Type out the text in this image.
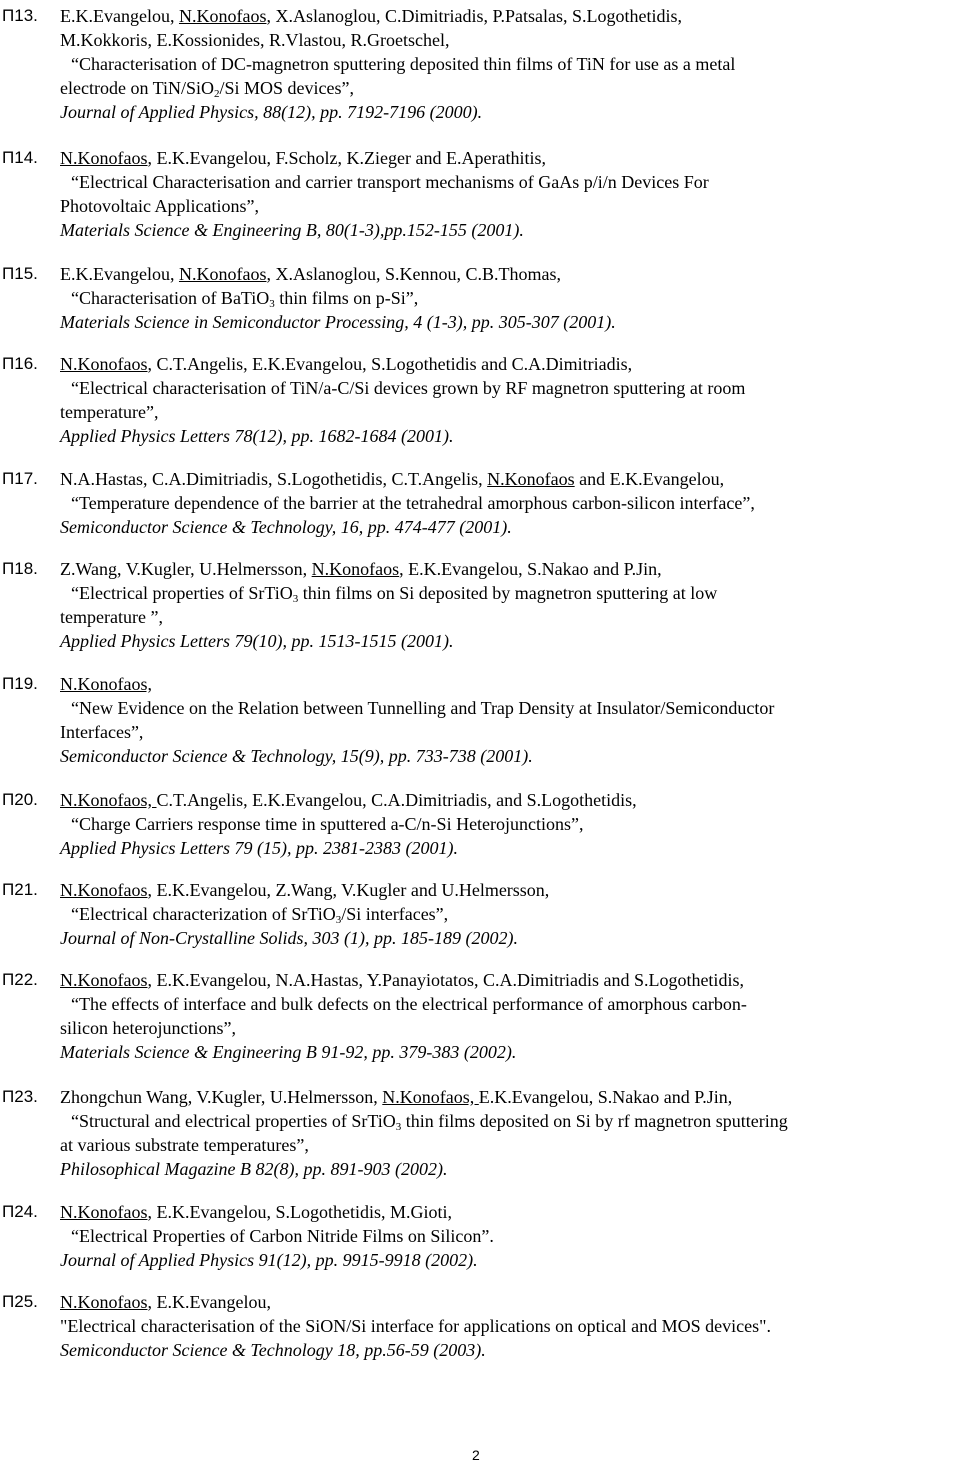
Π13. E.K.Evangelou, N.Konofaos, X.Aslanoglou, C.Dimitriadis, P.Patsalas, S.Logothetidis,
M.Kokkoris, E.Kossionides, R.Vlastou, R.Groetschel,
“Characterisation of DC-magnetron sputtering deposited thin films of TiN for use as a metal
electrode on TiN/SiO$_2$/Si MOS devices”,
Journal of Applied Physics, 88(12), pp. 7192-7196 (2000).
Π14. N.Konofaos, E.K.Evangelou, F.Scholz, K.Zieger and E.Aperathitis,
“Electrical Characterisation and carrier transport mechanisms of GaAs p/i/n Devices For
Photovoltaic Applications”,
Materials Science & Engineering B, 80(1-3),pp.152-155 (2001).
Π15. E.K.Evangelou, N.Konofaos, X.Aslanoglou, S.Kennou, C.B.Thomas,
“Characterisation of BaTiO$_3$ thin films on p-Si”,
Materials Science in Semiconductor Processing, 4 (1-3), pp. 305-307 (2001).
Π16. N.Konofaos, C.T.Angelis, E.K.Evangelou, S.Logothetidis and C.A.Dimitriadis,
“Electrical characterisation of TiN/a-C/Si devices grown by RF magnetron sputtering at room
temperature”,
Applied Physics Letters 78(12), pp. 1682-1684 (2001).
Π17. N.A.Hastas, C.A.Dimitriadis, S.Logothetidis, C.T.Angelis, N.Konofaos and E.K.Evangelou,
“Temperature dependence of the barrier at the tetrahedral amorphous carbon-silicon interface”,
Semiconductor Science & Technology, 16, pp. 474-477 (2001).
Π18. Z.Wang, V.Kugler, U.Helmersson, N.Konofaos, E.K.Evangelou, S.Nakao and P.Jin,
“Electrical properties of SrTiO$_3$ thin films on Si deposited by magnetron sputtering at low
temperature ”,
Applied Physics Letters 79(10), pp. 1513-1515 (2001).
Π19. N.Konofaos,
“New Evidence on the Relation between Tunnelling and Trap Density at Insulator/Semiconductor
Interfaces”,
Semiconductor Science & Technology, 15(9), pp. 733-738 (2001).
Π20. N.Konofaos, C.T.Angelis, E.K.Evangelou, C.A.Dimitriadis, and S.Logothetidis,
“Charge Carriers response time in sputtered a-C/n-Si Heterojunctions”,
Applied Physics Letters 79 (15), pp. 2381-2383 (2001).
Π21. N.Konofaos, E.K.Evangelou, Z.Wang, V.Kugler and U.Helmersson,
“Electrical characterization of SrTiO$_3$/Si interfaces”,
Journal of Non-Crystalline Solids, 303 (1), pp. 185-189 (2002).
Π22. N.Konofaos, E.K.Evangelou, N.A.Hastas, Y.Panayiotatos, C.A.Dimitriadis and S.Logothetidis,
“The effects of interface and bulk defects on the electrical performance of amorphous carbon-
silicon heterojunctions”,
Materials Science & Engineering B 91-92, pp. 379-383 (2002).
Π23. Zhongchun Wang, V.Kugler, U.Helmersson, N.Konofaos, E.K.Evangelou, S.Nakao and P.Jin,
“Structural and electrical properties of SrTiO$_3$ thin films deposited on Si by rf magnetron sputtering
at various substrate temperatures”,
Philosophical Magazine B 82(8), pp. 891-903 (2002).
Π24. N.Konofaos, E.K.Evangelou, S.Logothetidis, M.Gioti,
“Electrical Properties of Carbon Nitride Films on Silicon”.
Journal of Applied Physics 91(12), pp. 9915-9918 (2002).
Π25. N.Konofaos, E.K.Evangelou,
"Electrical characterisation of the SiON/Si interface for applications on optical and MOS devices".
Semiconductor Science & Technology 18, pp.56-59 (2003).
2
